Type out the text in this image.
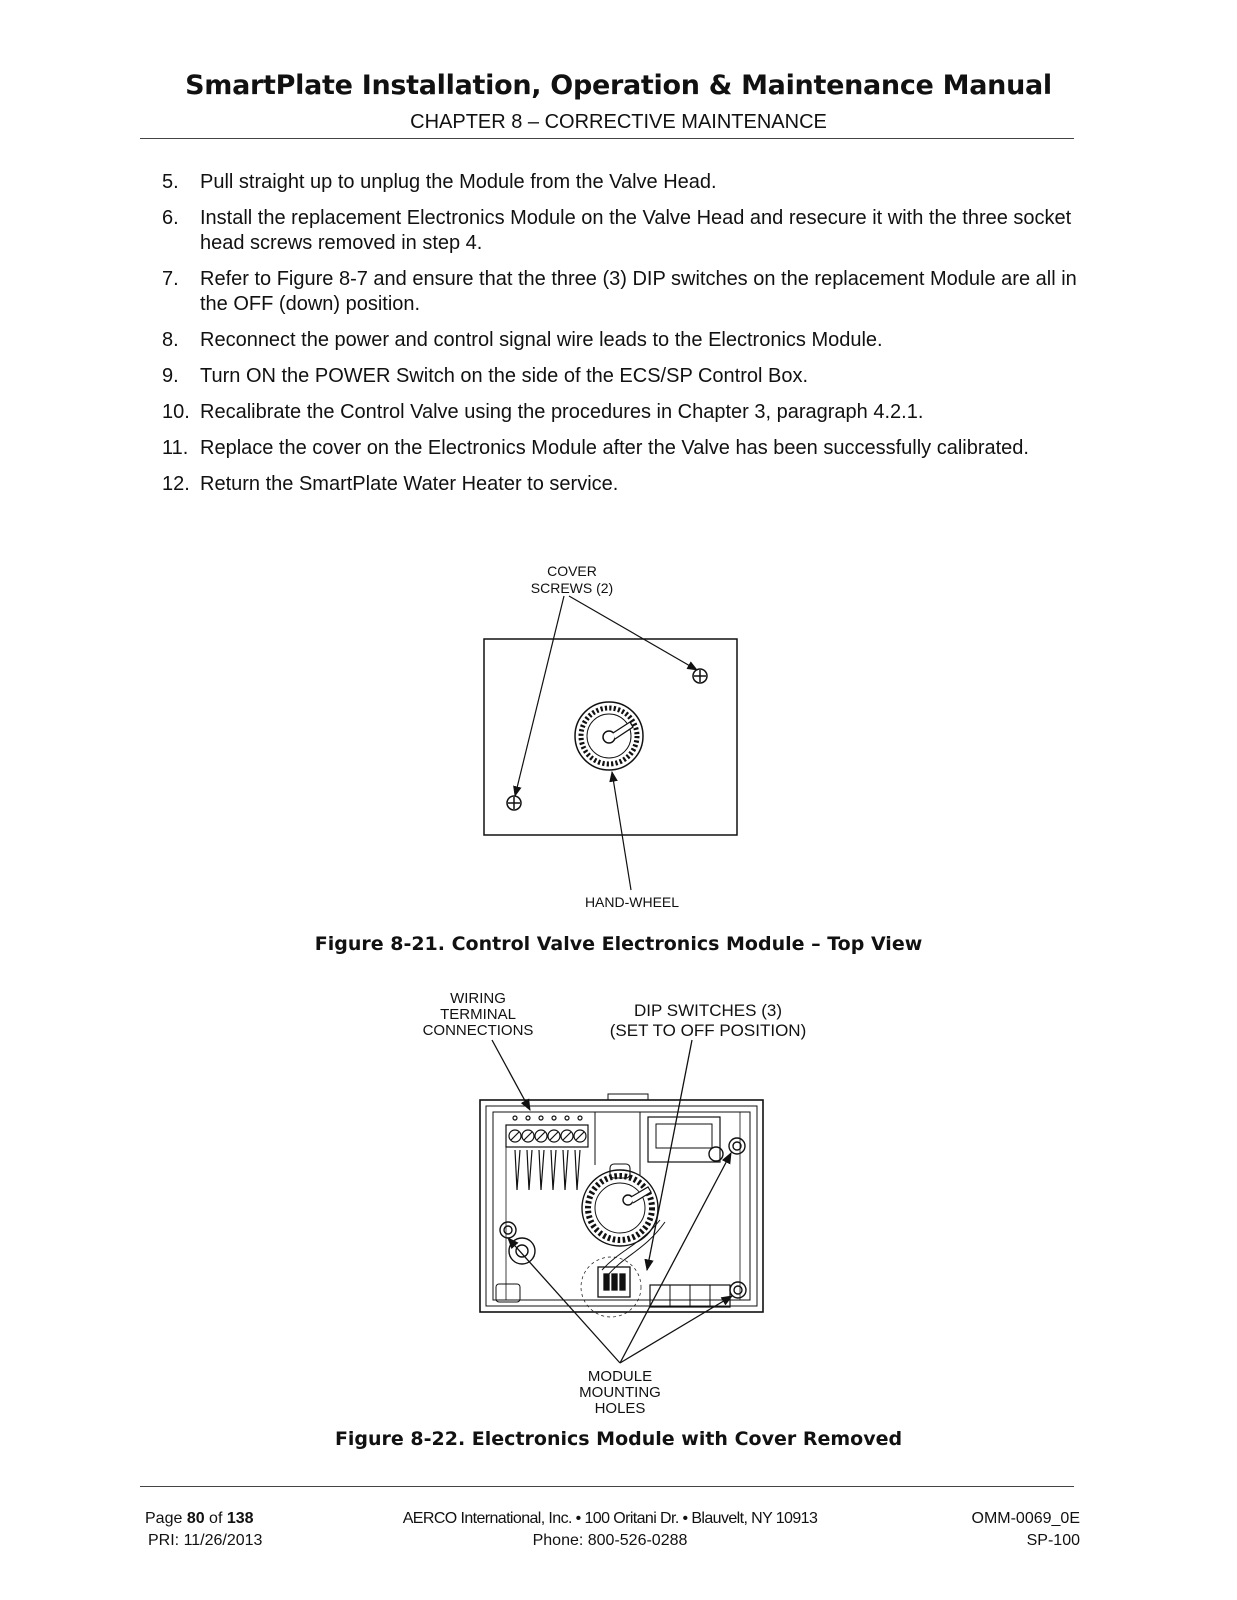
SmartPlate Installation, Operation & Maintenance Manual
CHAPTER 8 – CORRECTIVE MAINTENANCE
5. Pull straight up to unplug the Module from the Valve Head.
6. Install the replacement Electronics Module on the Valve Head and resecure it with the three socket head screws removed in step 4.
7. Refer to Figure 8-7 and ensure that the three (3) DIP switches on the replacement Module are all in the OFF (down) position.
8. Reconnect the power and control signal wire leads to the Electronics Module.
9. Turn ON the POWER Switch on the side of the ECS/SP Control Box.
10. Recalibrate the Control Valve using the procedures in Chapter 3, paragraph 4.2.1.
11. Replace the cover on the Electronics Module after the Valve has been successfully calibrated.
12. Return the SmartPlate Water Heater to service.
COVER
SCREWS (2)
HAND-WHEEL
WIRING
TERMINAL
CONNECTIONS
DIP SWITCHES (3)
(SET TO OFF POSITION)
MODULE
MOUNTING
HOLES
Figure 8-21. Control Valve Electronics Module – Top View
Figure 8-22. Electronics Module with Cover Removed
Page 80 of 138
PRI: 11/26/2013
AERCO International, Inc. • 100 Oritani Dr. • Blauvelt, NY 10913
Phone: 800-526-0288
OMM-0069_0E
SP-100
